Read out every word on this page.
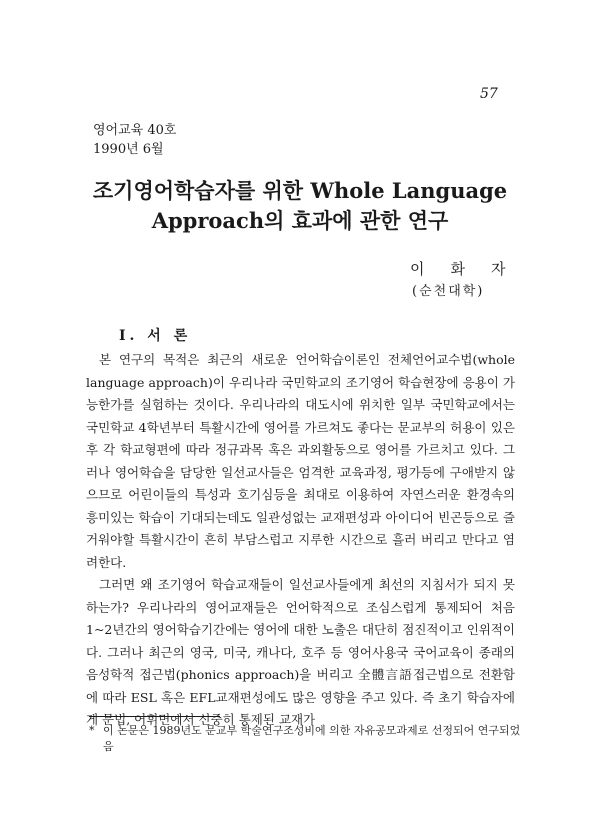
57
영어교육 40호
1990년 6월
조기영어학습자를 위한 Whole Language
Approach의 효과에 관한 연구
이화자
(순천대학)
I. 서 론

본 연구의 목적은 최근의 새로운 언어학습이론인 전체언어교수법(whole language approach)이 우리나라 국민학교의 조기영어 학습현장에 응용이 가능한가를 실험하는 것이다. 우리나라의 대도시에 위치한 일부 국민학교에서는 국민학교 4학년부터 특활시간에 영어를 가르쳐도 좋다는 문교부의 허용이 있은 후 각 학교형편에 따라 정규과목 혹은 과외활동으로 영어를 가르치고 있다. 그러나 영어학습을 담당한 일선교사들은 엄격한 교육과정, 평가등에 구애받지 않으므로 어린이들의 특성과 호기심등을 최대로 이용하여 자연스러운 환경속의 흥미있는 학습이 기대되는데도 일관성없는 교재편성과 아이디어 빈곤등으로 즐거워야할 특활시간이 흔히 부담스럽고 지루한 시간으로 흘러 버리고 만다고 염려한다.

그러면 왜 조기영어 학습교재들이 일선교사들에게 최선의 지침서가 되지 못하는가? 우리나라의 영어교재들은 언어학적으로 조심스럽게 통제되어 처음 1~2년간의 영어학습기간에는 영어에 대한 노출은 대단히 점진적이고 인위적이다. 그러나 최근의 영국, 미국, 캐나다, 호주 등 영어사용국 국어교육이 종래의 음성학적 접근법(phonics approach)을 버리고 全體言語접근법으로 전환함에 따라 ESL 혹은 EFL교재편성에도 많은 영향을 주고 있다. 즉 초기 학습자에게 문법, 어휘면에서 신중히 통제된 교재가

* 이 논문은 1989년도 문교부 학술연구조성비에 의한 자유공모과제로 선정되어 연구되었음
